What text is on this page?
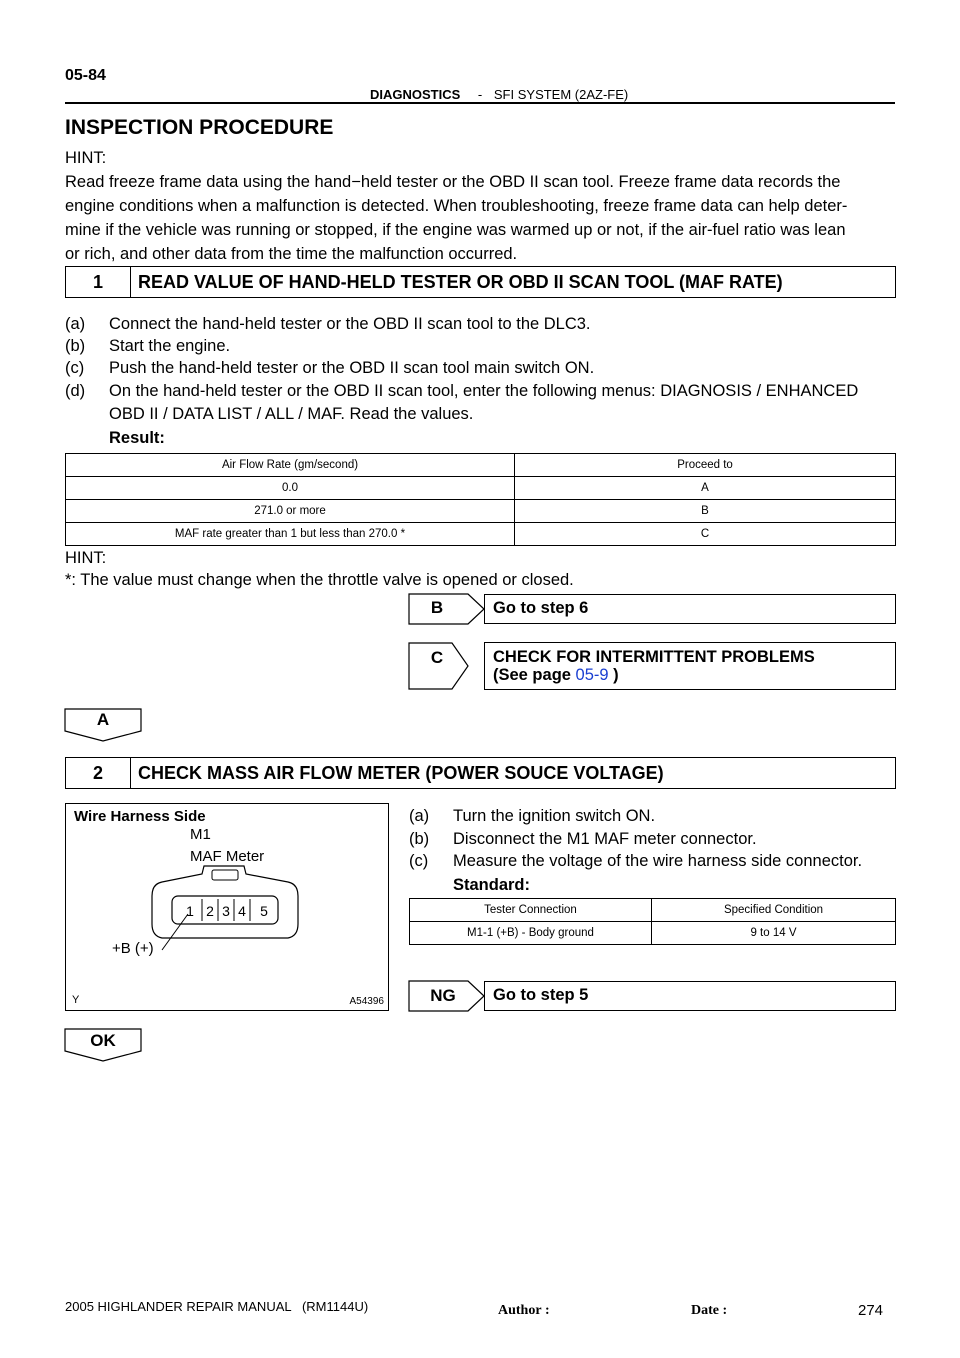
05-84
DIAGNOSTICS - SFI SYSTEM (2AZ-FE)
INSPECTION PROCEDURE
HINT:
Read freeze frame data using the hand−held tester or the OBD II scan tool. Freeze frame data records the
engine conditions when a malfunction is detected. When troubleshooting, freeze frame data can help deter-
mine if the vehicle was running or stopped, if the engine was warmed up or not, if the air-fuel ratio was lean
or rich, and other data from the time the malfunction occurred.
1	READ VALUE OF HAND-HELD TESTER OR OBD II SCAN TOOL (MAF RATE)
(a) Connect the hand-held tester or the OBD II scan tool to the DLC3.
(b) Start the engine.
(c) Push the hand-held tester or the OBD II scan tool main switch ON.
(d) On the hand-held tester or the OBD II scan tool, enter the following menus: DIAGNOSIS / ENHANCED
OBD II / DATA LIST / ALL / MAF. Read the values.
Result:
Air Flow Rate (gm/second)	Proceed to
0.0	A
271.0 or more	B
MAF rate greater than 1 but less than 270.0 *	C
HINT:
*: The value must change when the throttle valve is opened or closed.
B	Go to step 6
C	CHECK FOR INTERMITTENT PROBLEMS
(See page 05-9 )
A
2	CHECK MASS AIR FLOW METER (POWER SOUCE VOLTAGE)
Wire Harness Side
M1
MAF Meter
1 2 3 4 5
+B (+)
Y	A54396
(a) Turn the ignition switch ON.
(b) Disconnect the M1 MAF meter connector.
(c) Measure the voltage of the wire harness side connector.
Standard:
Tester Connection	Specified Condition
M1-1 (+B) - Body ground	9 to 14 V
NG	Go to step 5
OK
2005 HIGHLANDER REPAIR MANUAL   (RM1144U)	Author :	Date :	274
